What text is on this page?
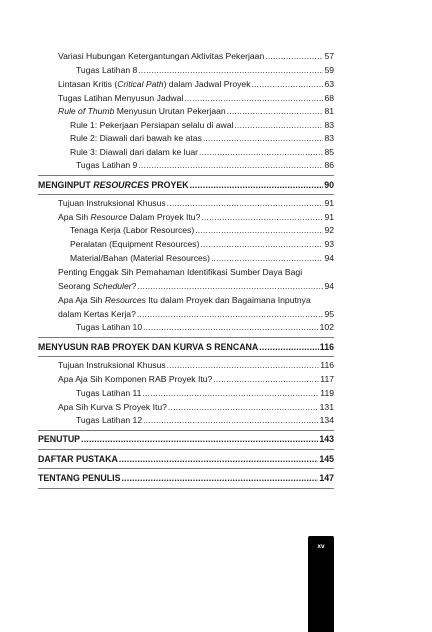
Variasi Hubungan Ketergantungan Aktivitas Pekerjaan .....	57
Tugas Latihan 8 .....	59
Lintasan Kritis (Critical Path) dalam Jadwal Proyek .....	63
Tugas Latihan Menyusun Jadwal .....	68
Rule of Thumb Menyusun Urutan Pekerjaan .....	81
Rule 1: Pekerjaan Persiapan selalu di awal .....	83
Rule 2: Diawali dari bawah ke atas .....	83
Rule 3: Diawali dari dalam ke luar .....	85
Tugas Latihan 9 .....	86
MENGINPUT RESOURCES PROYEK .....	90
Tujuan Instruksional Khusus .....	91
Apa Sih Resource Dalam Proyek Itu? .....	91
Tenaga Kerja (Labor Resources) .....	92
Peralatan (Equipment Resources) .....	93
Material/Bahan (Material Resources) .....	94
Penting Enggak Sih Pemahaman Identifikasi Sumber Daya Bagi
Seorang Scheduler? .....	94
Apa Aja Sih Resources Itu dalam Proyek dan Bagaimana Inputnya
dalam Kertas Kerja? .....	95
Tugas Latihan 10 .....	102
MENYUSUN RAB PROYEK DAN KURVA S RENCANA .....	116
Tujuan Instruksional Khusus .....	116
Apa Aja Sih Komponen RAB Proyek Itu? .....	117
Tugas Latihan 11 .....	119
Apa Sih Kurva S Proyek Itu? .....	131
Tugas Latihan 12 .....	134
PENUTUP .....	143
DAFTAR PUSTAKA .....	145
TENTANG PENULIS .....	147
xv
